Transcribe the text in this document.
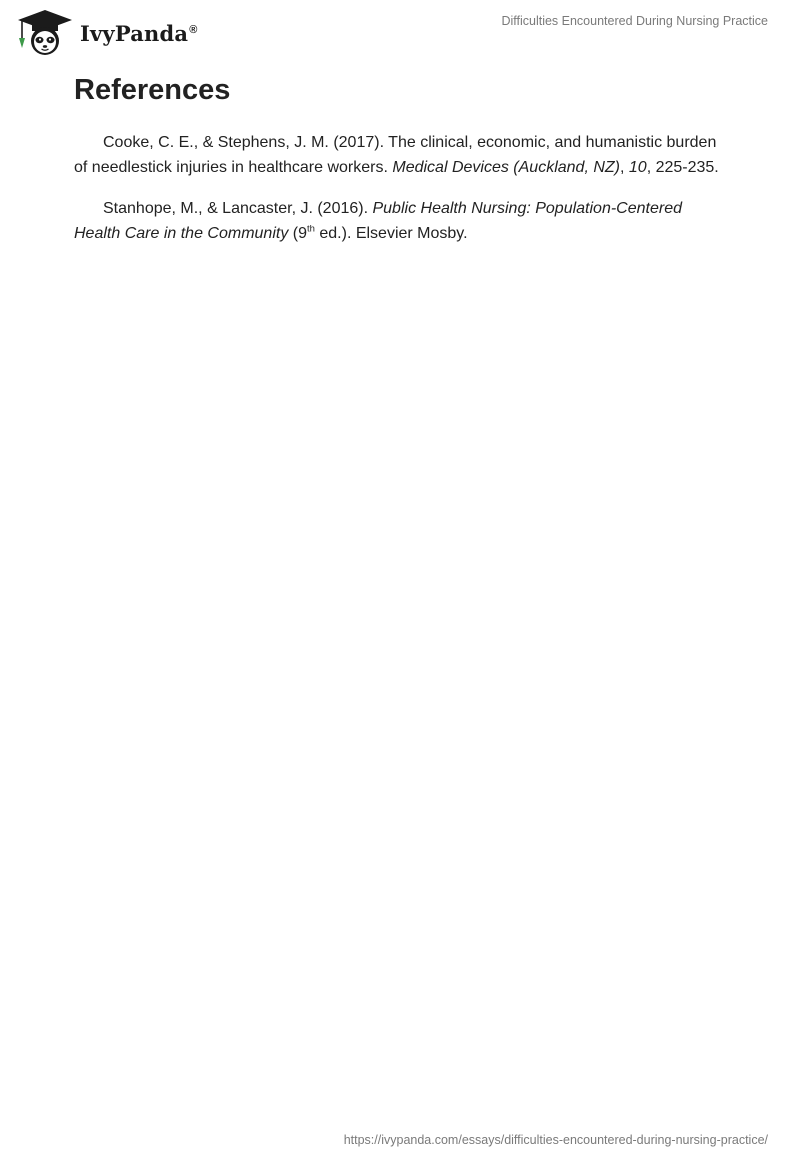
IvyPanda®
Difficulties Encountered During Nursing Practice
References

Cooke, C. E., & Stephens, J. M. (2017). The clinical, economic, and humanistic burden of needlestick injuries in healthcare workers. Medical Devices (Auckland, NZ), 10, 225-235.

Stanhope, M., & Lancaster, J. (2016). Public Health Nursing: Population-Centered Health Care in the Community (9th ed.). Elsevier Mosby.

https://ivypanda.com/essays/difficulties-encountered-during-nursing-practice/
